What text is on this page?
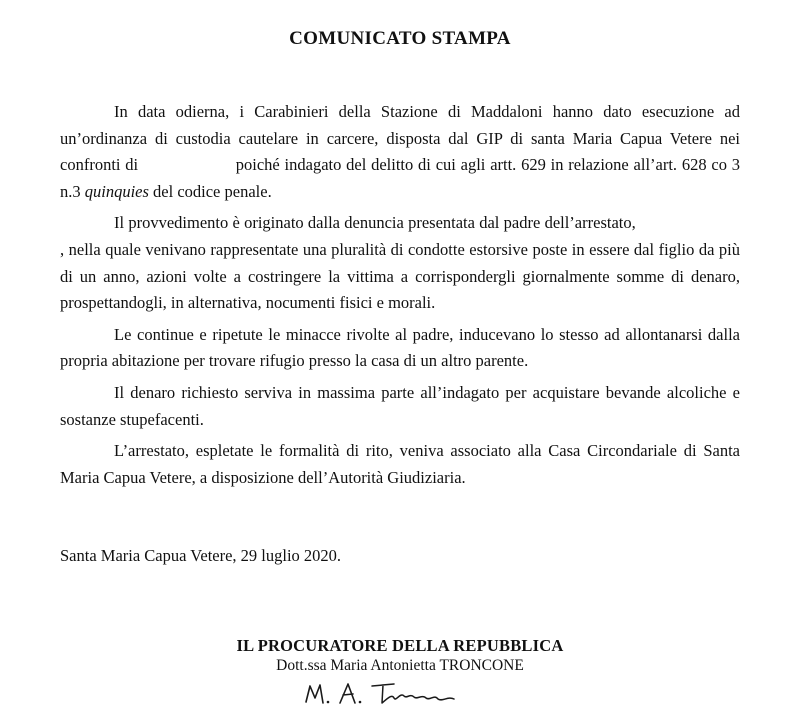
COMUNICATO STAMPA

In data odierna, i Carabinieri della Stazione di Maddaloni hanno dato esecuzione ad un’ordinanza di custodia cautelare in carcere, disposta dal GIP di santa Maria Capua Vetere nei confronti di	poiché indagato del delitto di cui agli artt. 629 in relazione all’art. 628 co 3 n.3 quinquies del codice penale.

Il provvedimento è originato dalla denuncia presentata dal padre dell’arrestato, , nella quale venivano rappresentate una pluralità di condotte estorsive poste in essere dal figlio da più di un anno, azioni volte a costringere la vittima a corrispondergli giornalmente somme di denaro, prospettandogli, in alternativa, nocumenti fisici e morali.

Le continue e ripetute le minacce rivolte al padre, inducevano lo stesso ad allontanarsi dalla propria abitazione per trovare rifugio presso la casa di un altro parente.

Il denaro richiesto serviva in massima parte all’indagato per acquistare bevande alcoliche e sostanze stupefacenti.

L’arrestato, espletate le formalità di rito, veniva associato alla Casa Circondariale di Santa Maria Capua Vetere, a disposizione dell’Autorità Giudiziaria.

Santa Maria Capua Vetere, 29 luglio 2020.
IL PROCURATORE DELLA REPUBBLICA
Dott.ssa Maria Antonietta TRONCONE
